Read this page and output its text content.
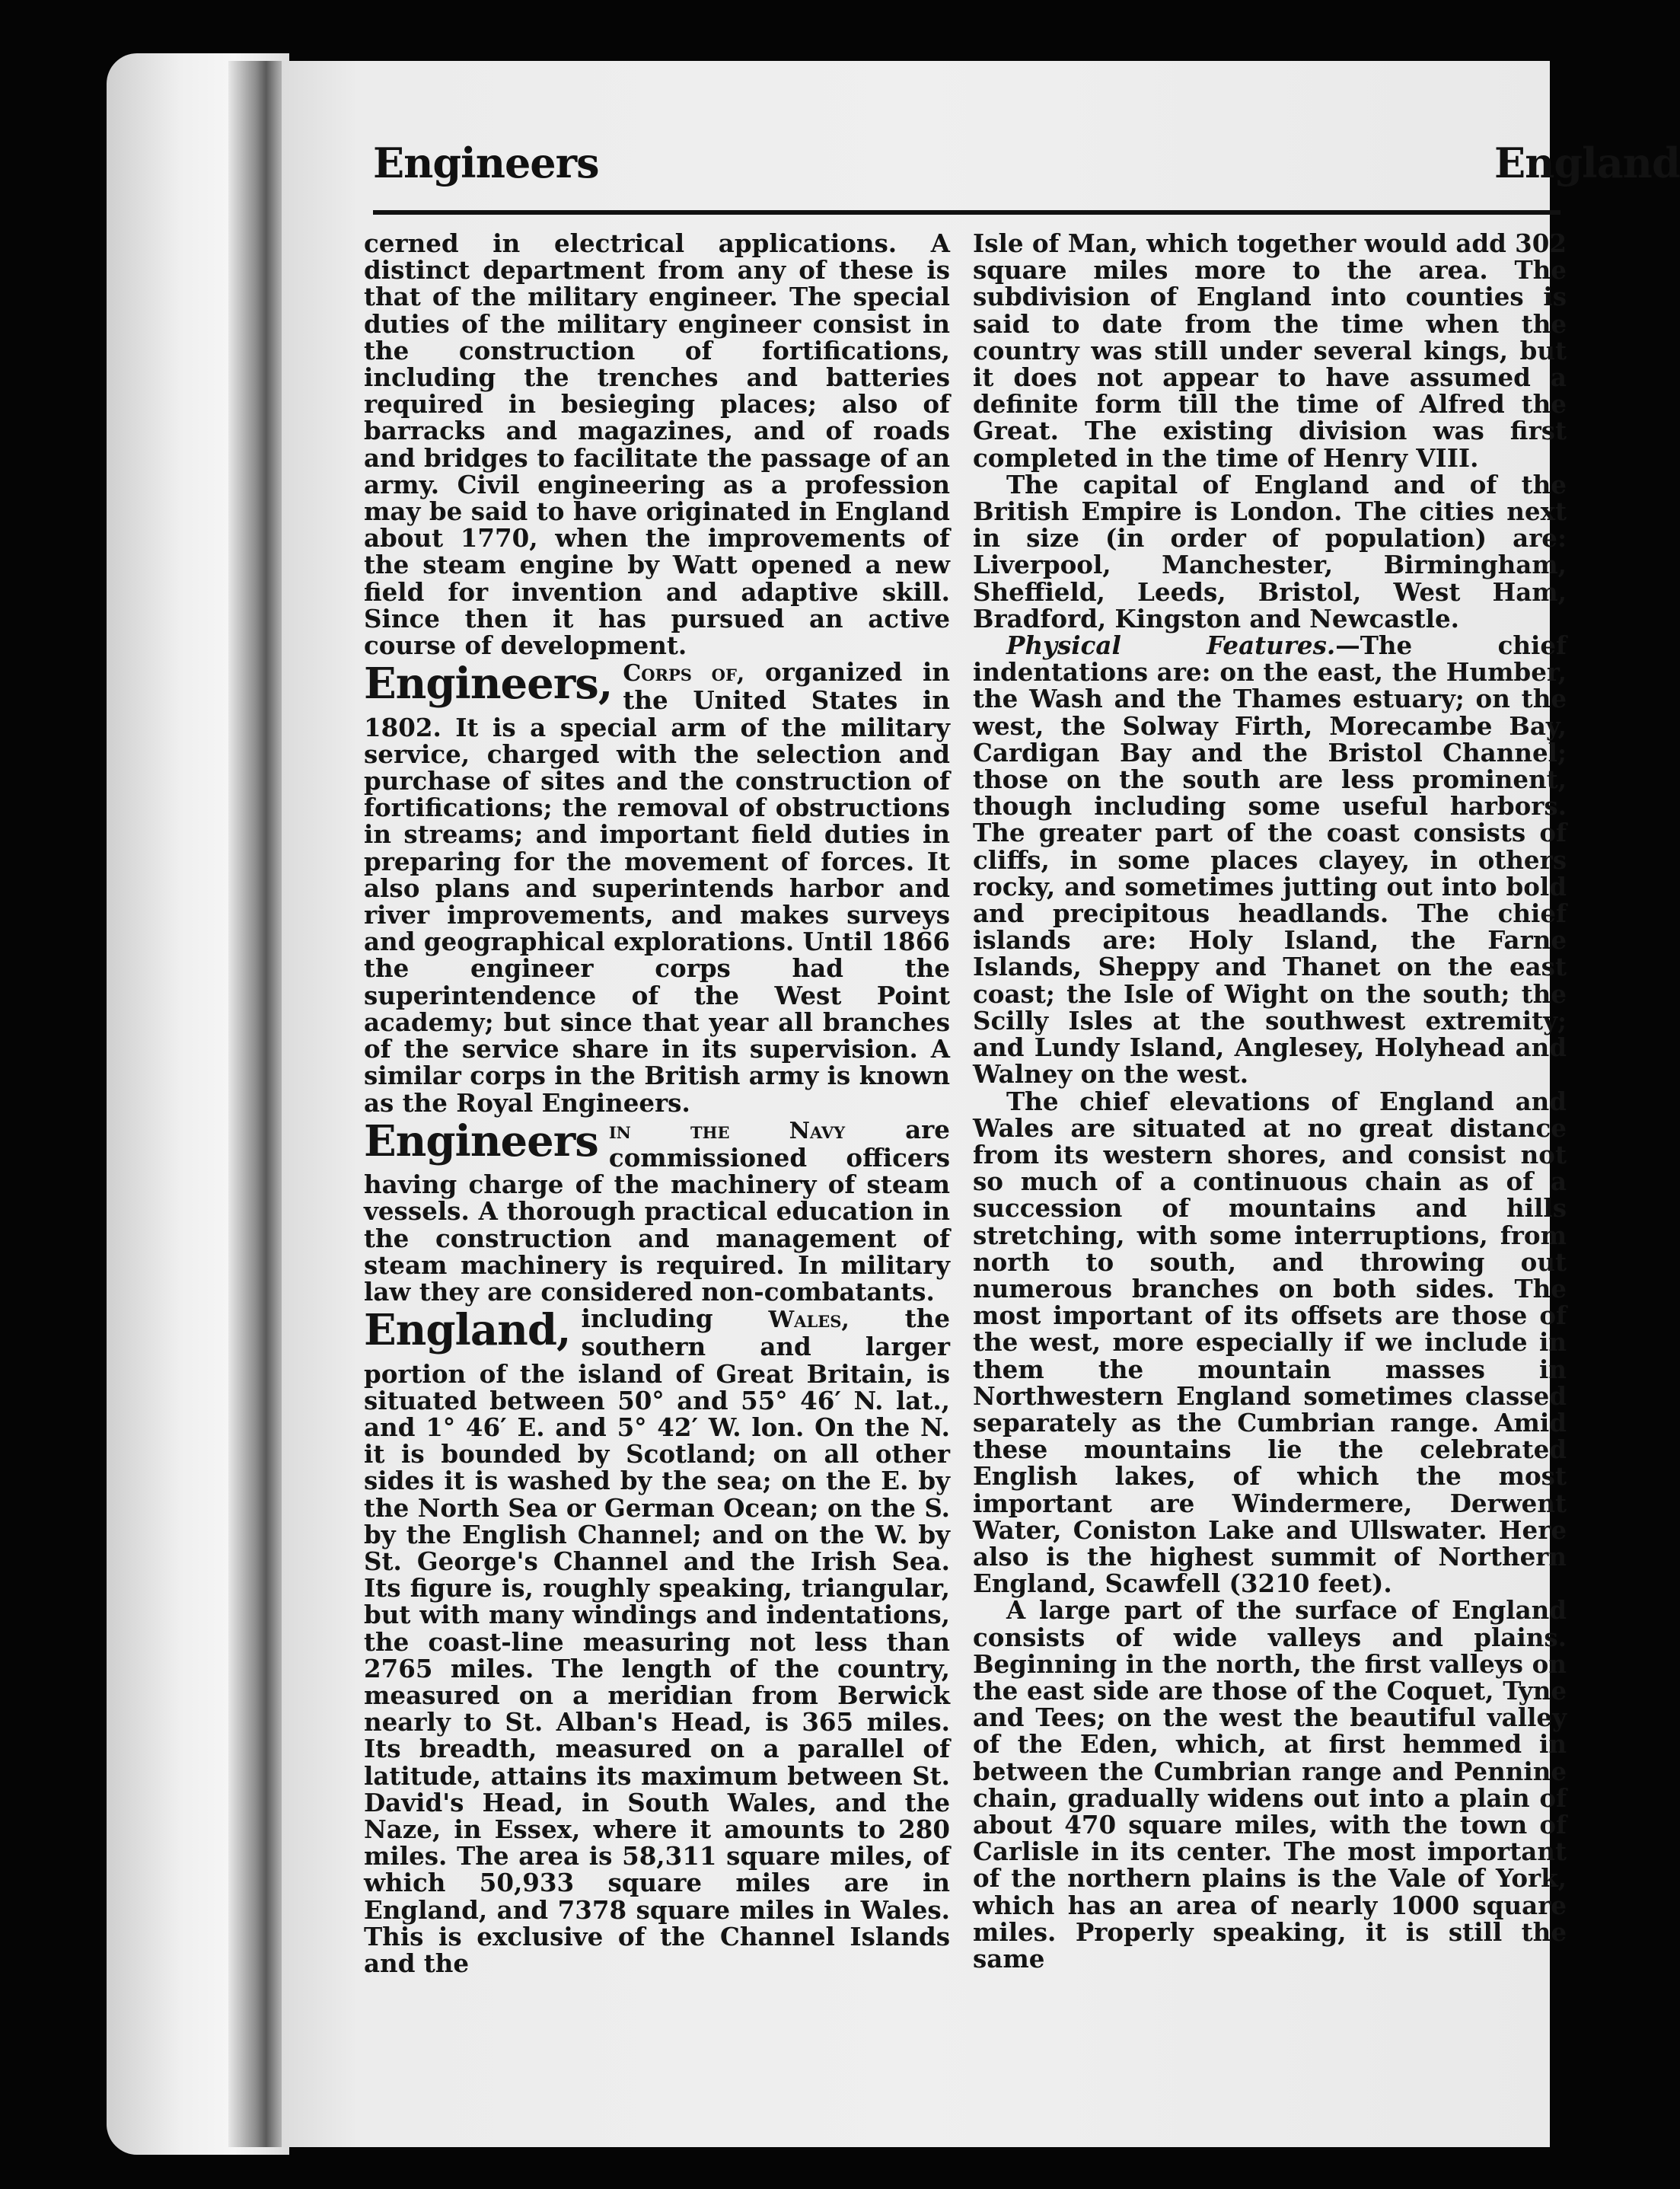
Engineers	England

cerned in electrical applications. A distinct department from any of these is that of the military engineer. The special duties of the military engineer consist in the construction of fortifications, including the trenches and batteries required in besieging places; also of barracks and magazines, and of roads and bridges to facilitate the passage of an army. Civil engineering as a profession may be said to have originated in England about 1770, when the improvements of the steam engine by Watt opened a new field for invention and adaptive skill. Since then it has pursued an active course of development.

Engineers, Corps of, organized in the United States in 1802. It is a special arm of the military service, charged with the selection and purchase of sites and the construction of fortifications; the removal of obstructions in streams; and important field duties in preparing for the movement of forces. It also plans and superintends harbor and river improvements, and makes surveys and geographical explorations. Until 1866 the engineer corps had the superintendence of the West Point academy; but since that year all branches of the service share in its supervision. A similar corps in the British army is known as the Royal Engineers.

Engineers in the Navy are commissioned officers having charge of the machinery of steam vessels. A thorough practical education in the construction and management of steam machinery is required. In military law they are considered non-combatants.

England, including Wales, the southern and larger portion of the island of Great Britain, is situated between 50° and 55° 46′ N. lat., and 1° 46′ E. and 5° 42′ W. lon. On the N. it is bounded by Scotland; on all other sides it is washed by the sea; on the E. by the North Sea or German Ocean; on the S. by the English Channel; and on the W. by St. George's Channel and the Irish Sea. Its figure is, roughly speaking, triangular, but with many windings and indentations, the coast-line measuring not less than 2765 miles. The length of the country, measured on a meridian from Berwick nearly to St. Alban's Head, is 365 miles. Its breadth, measured on a parallel of latitude, attains its maximum between St. David's Head, in South Wales, and the Naze, in Essex, where it amounts to 280 miles. The area is 58,311 square miles, of which 50,933 square miles are in England, and 7378 square miles in Wales. This is exclusive of the Channel Islands and the

Isle of Man, which together would add 302 square miles more to the area. The subdivision of England into counties is said to date from the time when the country was still under several kings, but it does not appear to have assumed a definite form till the time of Alfred the Great. The existing division was first completed in the time of Henry VIII.

The capital of England and of the British Empire is London. The cities next in size (in order of population) are: Liverpool, Manchester, Birmingham, Sheffield, Leeds, Bristol, West Ham, Bradford, Kingston and Newcastle.

Physical Features.—The chief indentations are: on the east, the Humber, the Wash and the Thames estuary; on the west, the Solway Firth, Morecambe Bay, Cardigan Bay and the Bristol Channel; those on the south are less prominent, though including some useful harbors. The greater part of the coast consists of cliffs, in some places clayey, in others rocky, and sometimes jutting out into bold and precipitous headlands. The chief islands are: Holy Island, the Farne Islands, Sheppy and Thanet on the east coast; the Isle of Wight on the south; the Scilly Isles at the southwest extremity; and Lundy Island, Anglesey, Holyhead and Walney on the west.

The chief elevations of England and Wales are situated at no great distance from its western shores, and consist not so much of a continuous chain as of a succession of mountains and hills stretching, with some interruptions, from north to south, and throwing out numerous branches on both sides. The most important of its offsets are those of the west, more especially if we include in them the mountain masses in Northwestern England sometimes classed separately as the Cumbrian range. Amid these mountains lie the celebrated English lakes, of which the most important are Windermere, Derwent Water, Coniston Lake and Ullswater. Here also is the highest summit of Northern England, Scawfell (3210 feet).

A large part of the surface of England consists of wide valleys and plains. Beginning in the north, the first valleys on the east side are those of the Coquet, Tyne and Tees; on the west the beautiful valley of the Eden, which, at first hemmed in between the Cumbrian range and Pennine chain, gradually widens out into a plain of about 470 square miles, with the town of Carlisle in its center. The most important of the northern plains is the Vale of York, which has an area of nearly 1000 square miles. Properly speaking, it is still the same
